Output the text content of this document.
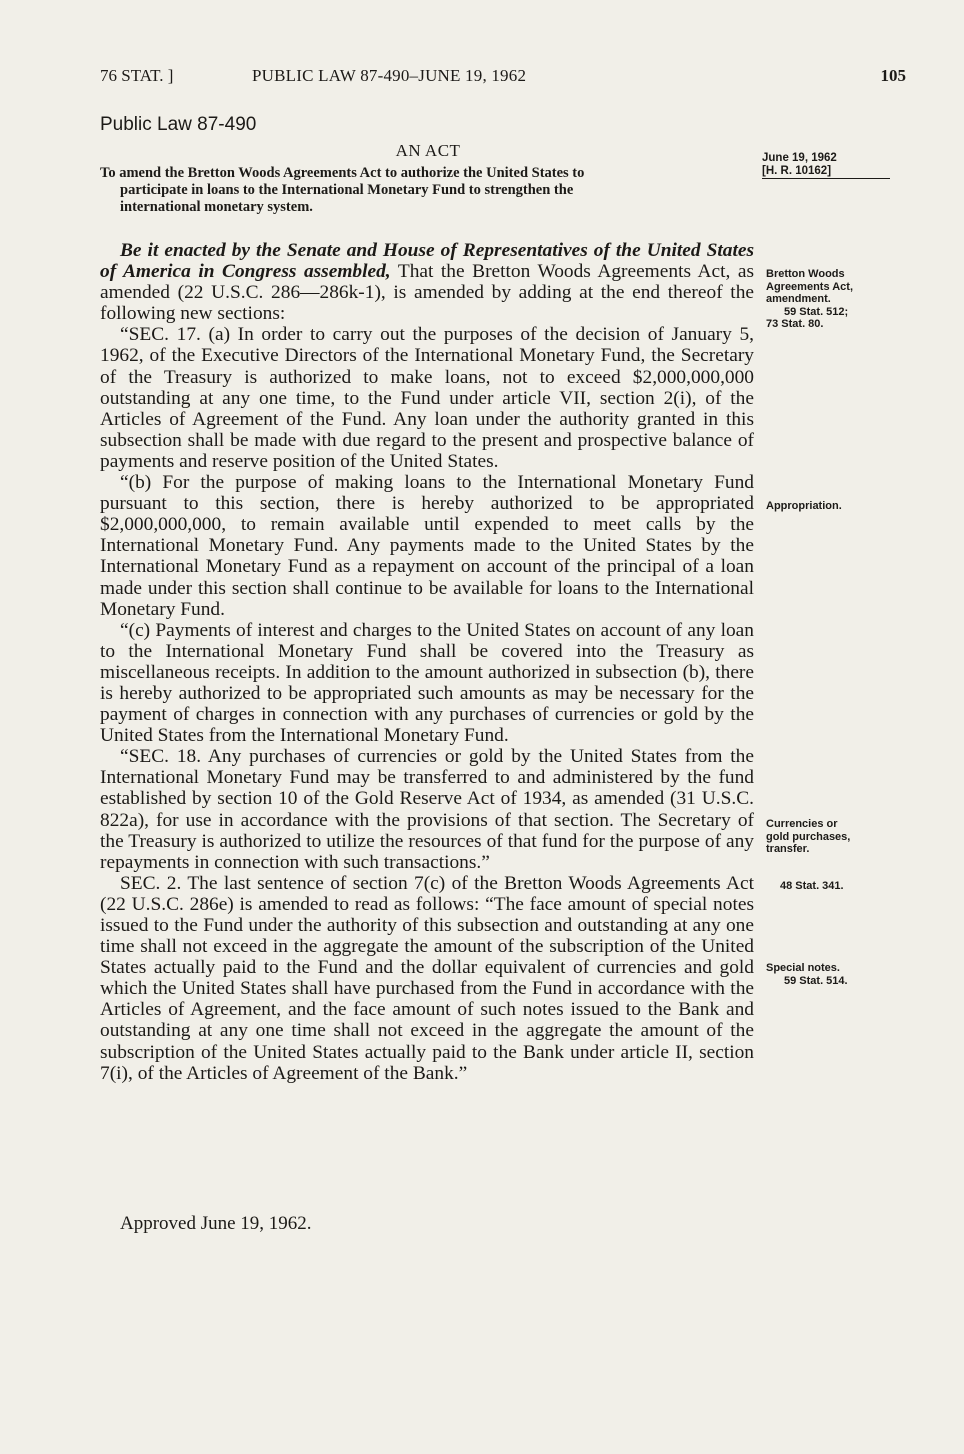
76 STAT. ]	PUBLIC LAW 87-490–JUNE 19, 1962	105
Public Law 87-490
AN ACT
To amend the Bretton Woods Agreements Act to authorize the United States to
participate in loans to the International Monetary Fund to strengthen the
international monetary system.
June 19, 1962
[H. R. 10162]

Be it enacted by the Senate and House of Representatives of the United States of America in Congress assembled, That the Bretton Woods Agreements Act, as amended (22 U.S.C. 286—286k-1), is amended by adding at the end thereof the following new sections:

“SEC. 17. (a) In order to carry out the purposes of the decision of January 5, 1962, of the Executive Directors of the International Monetary Fund, the Secretary of the Treasury is authorized to make loans, not to exceed $2,000,000,000 outstanding at any one time, to the Fund under article VII, section 2(i), of the Articles of Agreement of the Fund. Any loan under the authority granted in this subsection shall be made with due regard to the present and prospective balance of payments and reserve position of the United States.

“(b) For the purpose of making loans to the International Monetary Fund pursuant to this section, there is hereby authorized to be appropriated $2,000,000,000, to remain available until expended to meet calls by the International Monetary Fund. Any payments made to the United States by the International Monetary Fund as a repayment on account of the principal of a loan made under this section shall continue to be available for loans to the International Monetary Fund.

“(c) Payments of interest and charges to the United States on account of any loan to the International Monetary Fund shall be covered into the Treasury as miscellaneous receipts. In addition to the amount authorized in subsection (b), there is hereby authorized to be appropriated such amounts as may be necessary for the payment of charges in connection with any purchases of currencies or gold by the United States from the International Monetary Fund.

“SEC. 18. Any purchases of currencies or gold by the United States from the International Monetary Fund may be transferred to and administered by the fund established by section 10 of the Gold Reserve Act of 1934, as amended (31 U.S.C. 822a), for use in accordance with the provisions of that section. The Secretary of the Treasury is authorized to utilize the resources of that fund for the purpose of any repayments in connection with such transactions.”

SEC. 2. The last sentence of section 7(c) of the Bretton Woods Agreements Act (22 U.S.C. 286e) is amended to read as follows: “The face amount of special notes issued to the Fund under the authority of this subsection and outstanding at any one time shall not exceed in the aggregate the amount of the subscription of the United States actually paid to the Fund and the dollar equivalent of currencies and gold which the United States shall have purchased from the Fund in accordance with the Articles of Agreement, and the face amount of such notes issued to the Bank and outstanding at any one time shall not exceed in the aggregate the amount of the subscription of the United States actually paid to the Bank under article II, section 7(i), of the Articles of Agreement of the Bank.”

Approved June 19, 1962.
Bretton Woods
Agreements Act,
amendment.
59 Stat. 512;
73 Stat. 80.
Appropriation.
Currencies or
gold purchases,
transfer.
48 Stat. 341.
Special notes.
59 Stat. 514.
